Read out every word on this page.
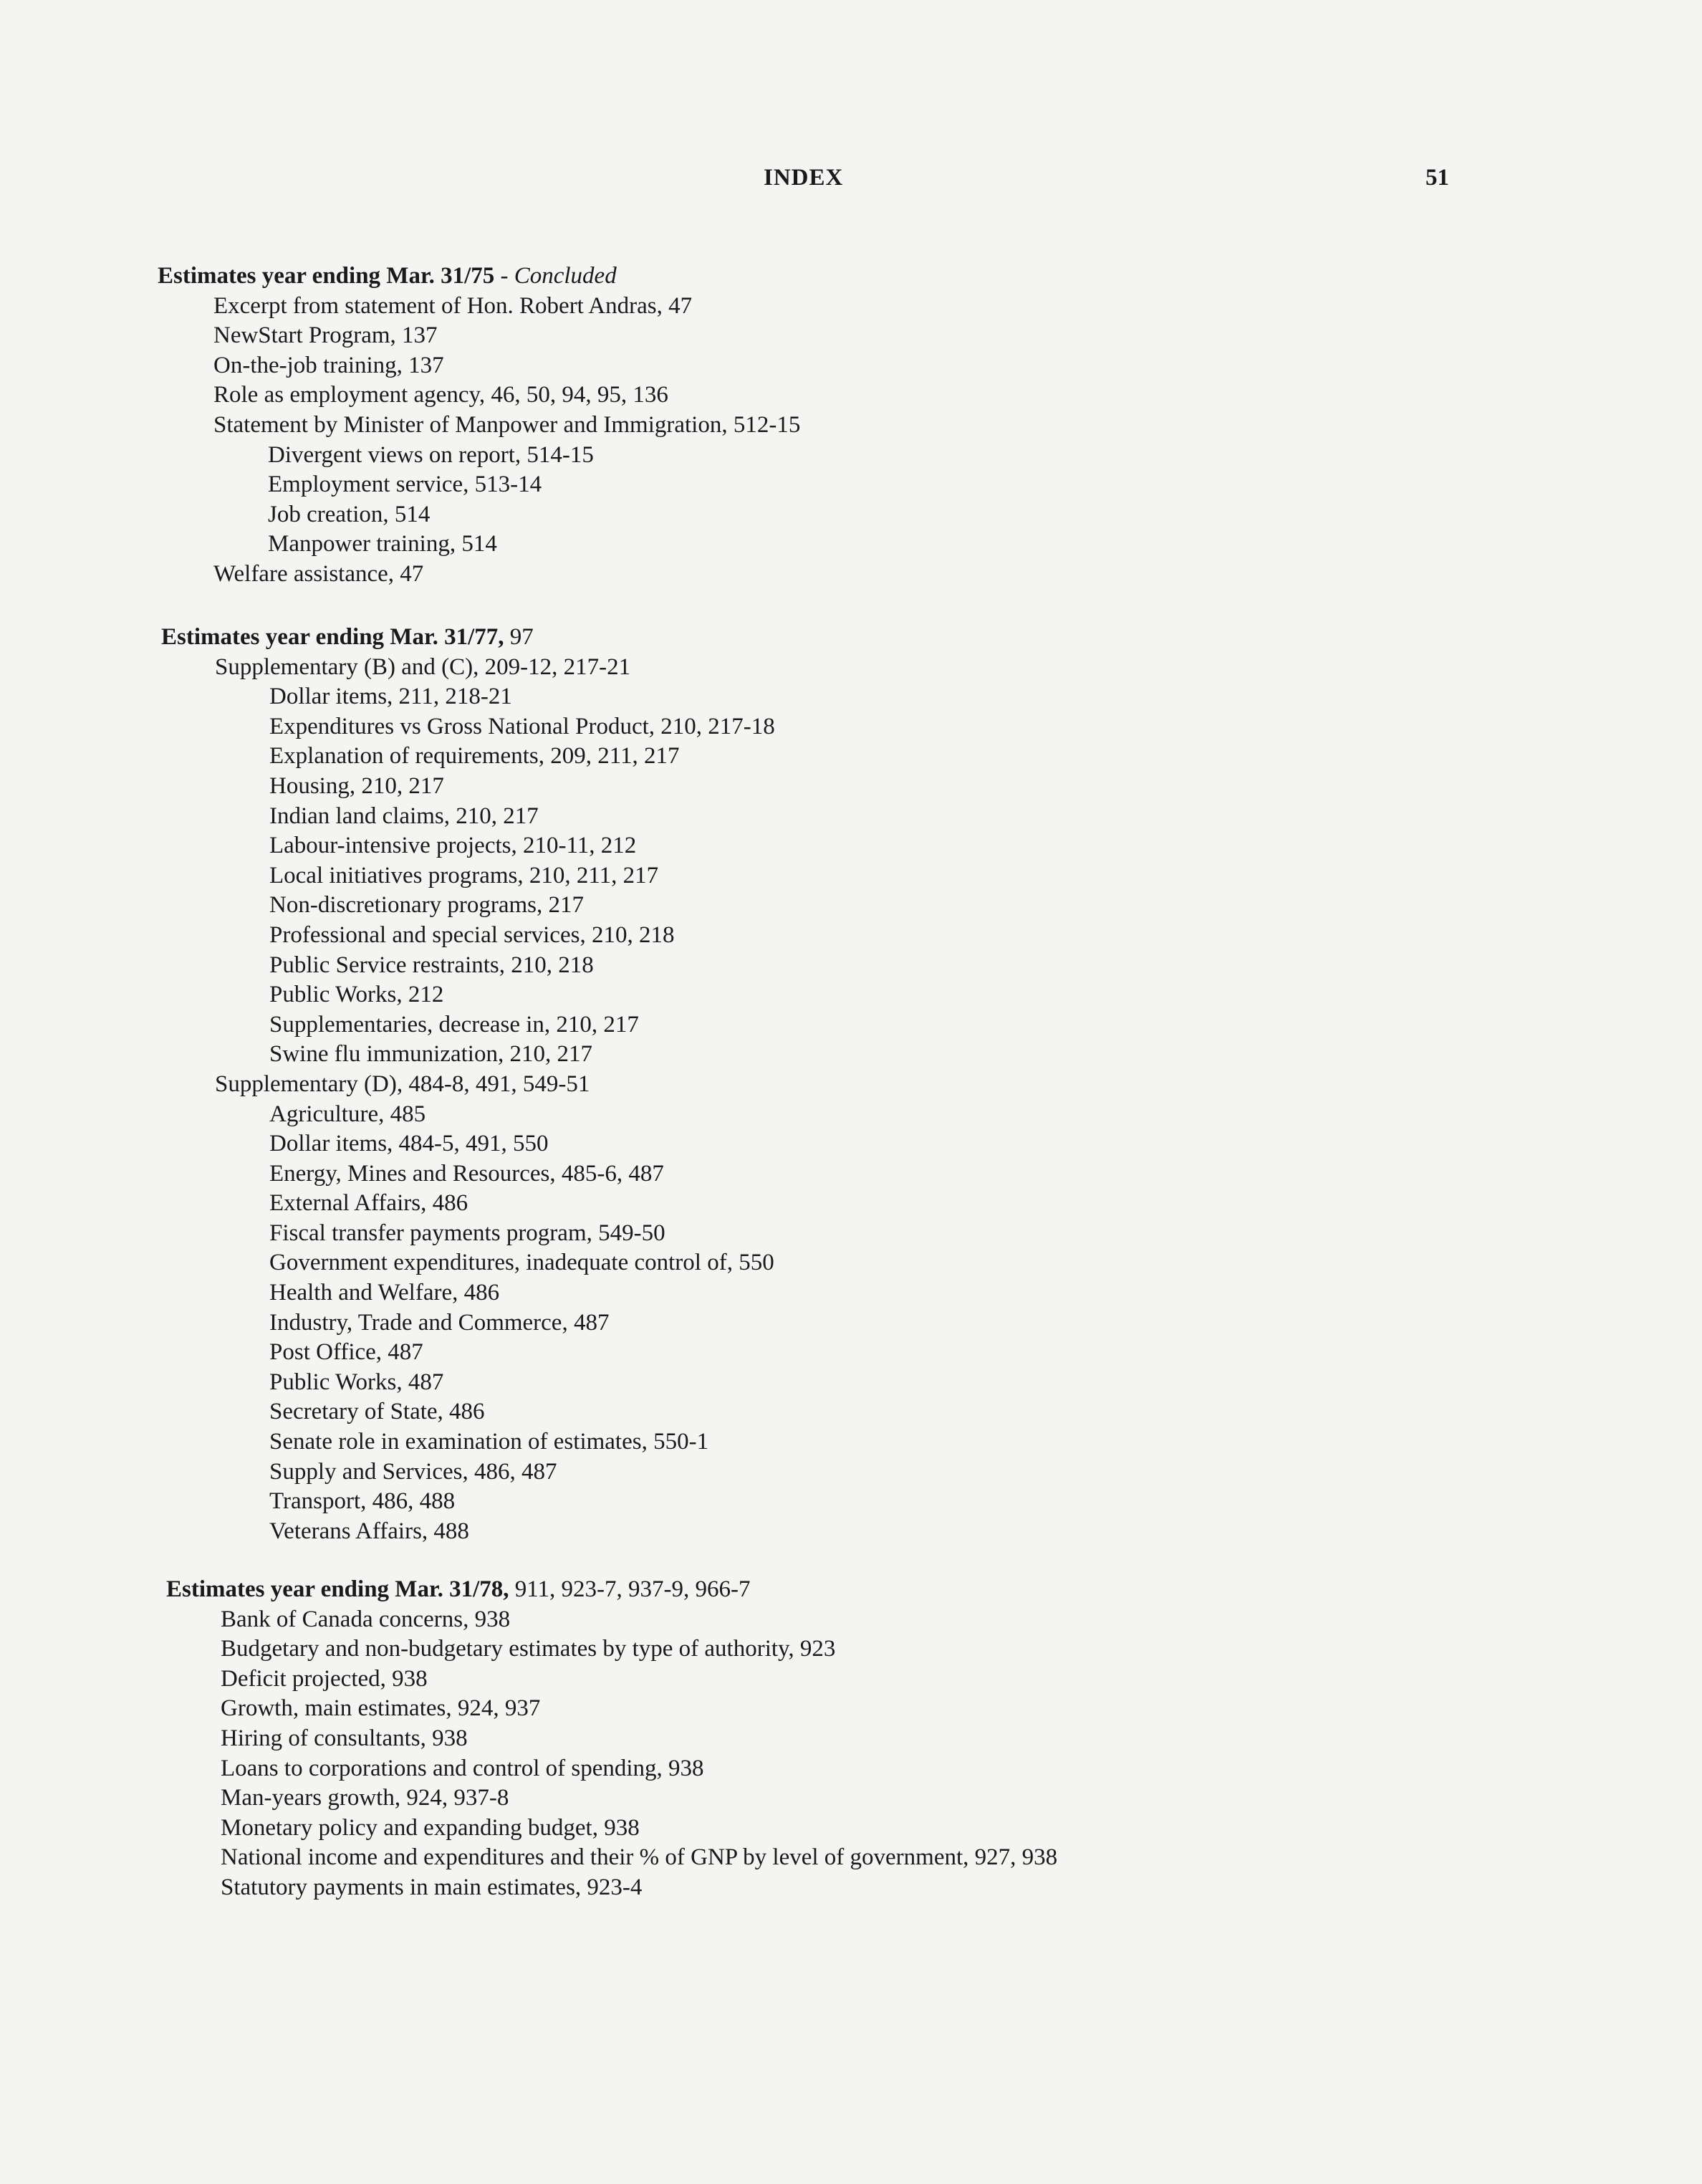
INDEX	51
Estimates year ending Mar. 31/75 - Concluded
Excerpt from statement of Hon. Robert Andras, 47
NewStart Program, 137
On-the-job training, 137
Role as employment agency, 46, 50, 94, 95, 136
Statement by Minister of Manpower and Immigration, 512-15
Divergent views on report, 514-15
Employment service, 513-14
Job creation, 514
Manpower training, 514
Welfare assistance, 47
Estimates year ending Mar. 31/77, 97
Supplementary (B) and (C), 209-12, 217-21
Dollar items, 211, 218-21
Expenditures vs Gross National Product, 210, 217-18
Explanation of requirements, 209, 211, 217
Housing, 210, 217
Indian land claims, 210, 217
Labour-intensive projects, 210-11, 212
Local initiatives programs, 210, 211, 217
Non-discretionary programs, 217
Professional and special services, 210, 218
Public Service restraints, 210, 218
Public Works, 212
Supplementaries, decrease in, 210, 217
Swine flu immunization, 210, 217
Supplementary (D), 484-8, 491, 549-51
Agriculture, 485
Dollar items, 484-5, 491, 550
Energy, Mines and Resources, 485-6, 487
External Affairs, 486
Fiscal transfer payments program, 549-50
Government expenditures, inadequate control of, 550
Health and Welfare, 486
Industry, Trade and Commerce, 487
Post Office, 487
Public Works, 487
Secretary of State, 486
Senate role in examination of estimates, 550-1
Supply and Services, 486, 487
Transport, 486, 488
Veterans Affairs, 488
Estimates year ending Mar. 31/78, 911, 923-7, 937-9, 966-7
Bank of Canada concerns, 938
Budgetary and non-budgetary estimates by type of authority, 923
Deficit projected, 938
Growth, main estimates, 924, 937
Hiring of consultants, 938
Loans to corporations and control of spending, 938
Man-years growth, 924, 937-8
Monetary policy and expanding budget, 938
National income and expenditures and their % of GNP by level of government, 927, 938
Statutory payments in main estimates, 923-4
